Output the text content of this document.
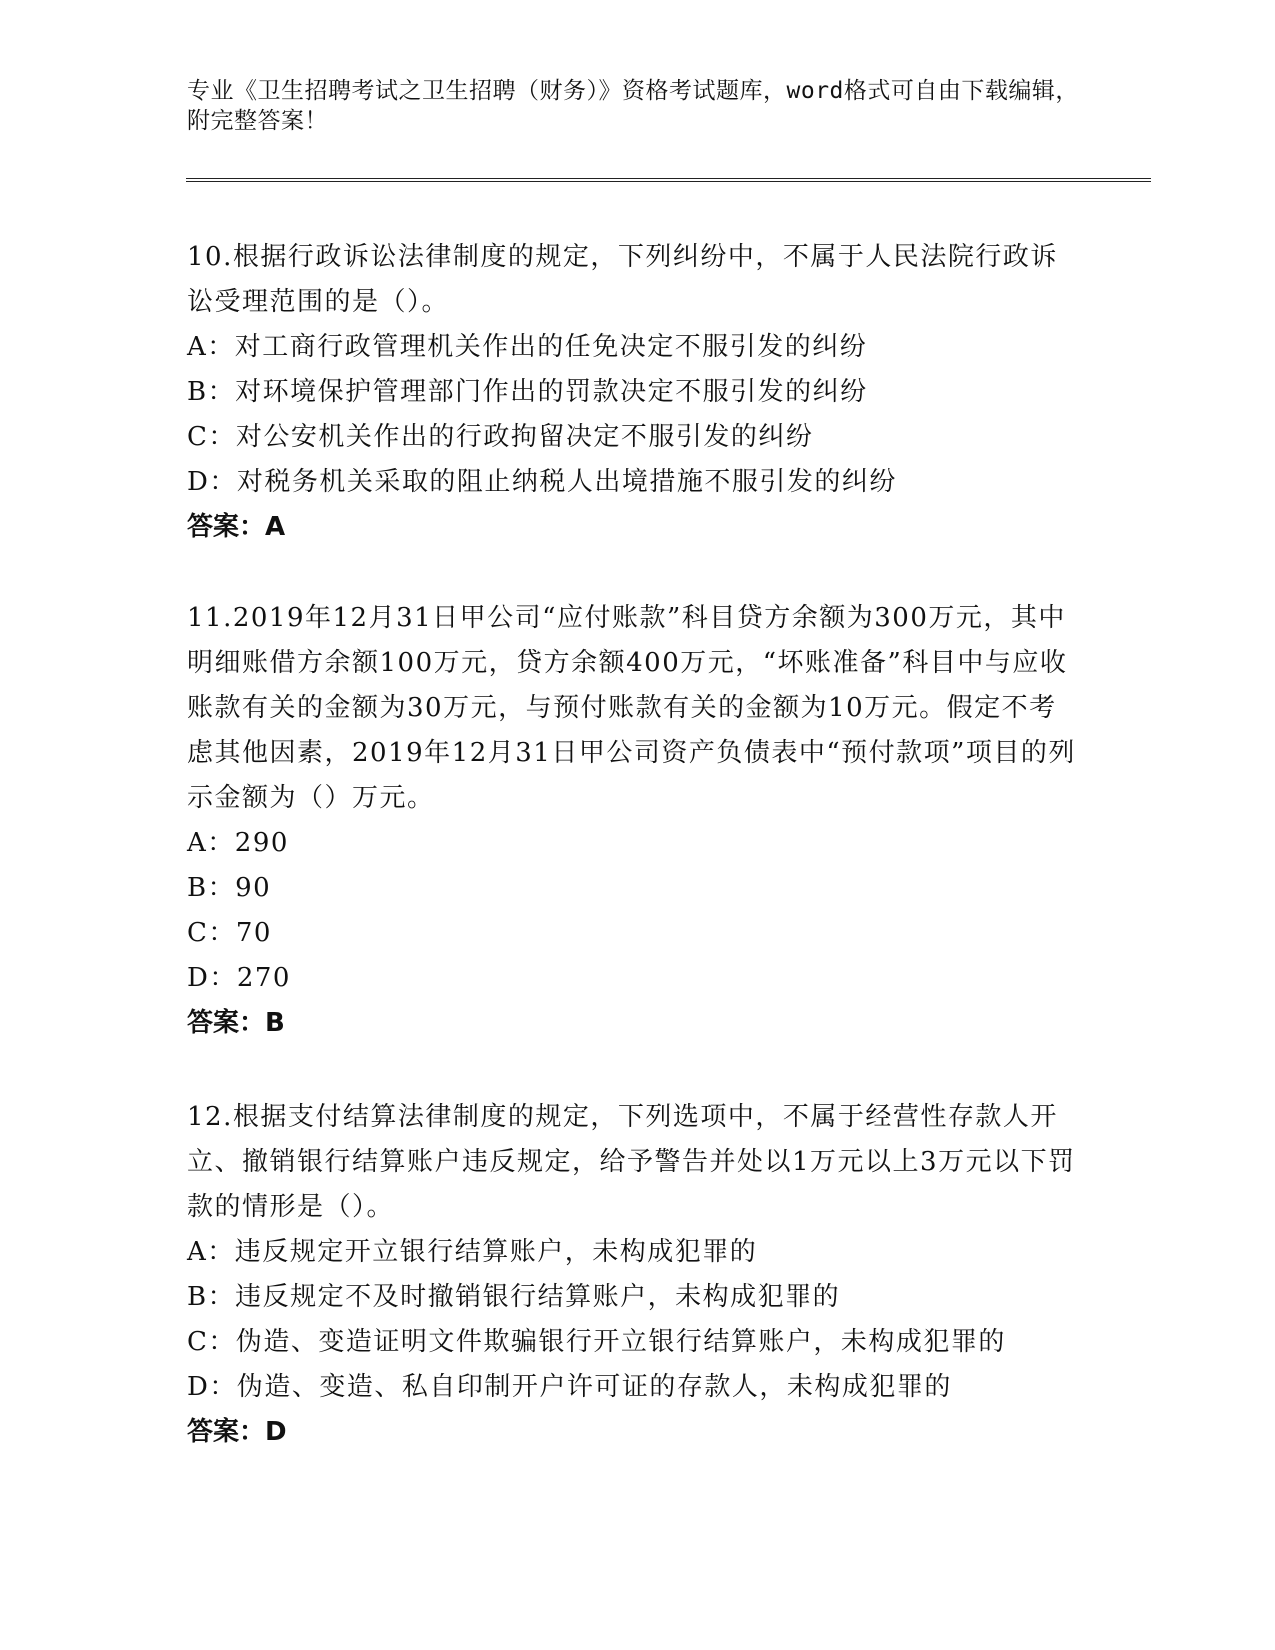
专业《卫生招聘考试之卫生招聘（财务）》资格考试题库，word格式可自由下载编辑，附完整答案！
10.根据行政诉讼法律制度的规定，下列纠纷中，不属于人民法院行政诉讼受理范围的是（）。
A：对工商行政管理机关作出的任免决定不服引发的纠纷
B：对环境保护管理部门作出的罚款决定不服引发的纠纷
C：对公安机关作出的行政拘留决定不服引发的纠纷
D：对税务机关采取的阻止纳税人出境措施不服引发的纠纷
答案：A
11.2019年12月31日甲公司“应付账款”科目贷方余额为300万元，其中明细账借方余额100万元，贷方余额400万元，“坏账准备”科目中与应收账款有关的金额为30万元，与预付账款有关的金额为10万元。假定不考虑其他因素，2019年12月31日甲公司资产负债表中“预付款项”项目的列示金额为（）万元。
A：290
B：90
C：70
D：270
答案：B
12.根据支付结算法律制度的规定，下列选项中，不属于经营性存款人开立、撤销银行结算账户违反规定，给予警告并处以1万元以上3万元以下罚款的情形是（）。
A：违反规定开立银行结算账户，未构成犯罪的
B：违反规定不及时撤销银行结算账户，未构成犯罪的
C：伪造、变造证明文件欺骗银行开立银行结算账户，未构成犯罪的
D：伪造、变造、私自印制开户许可证的存款人，未构成犯罪的
答案：D
